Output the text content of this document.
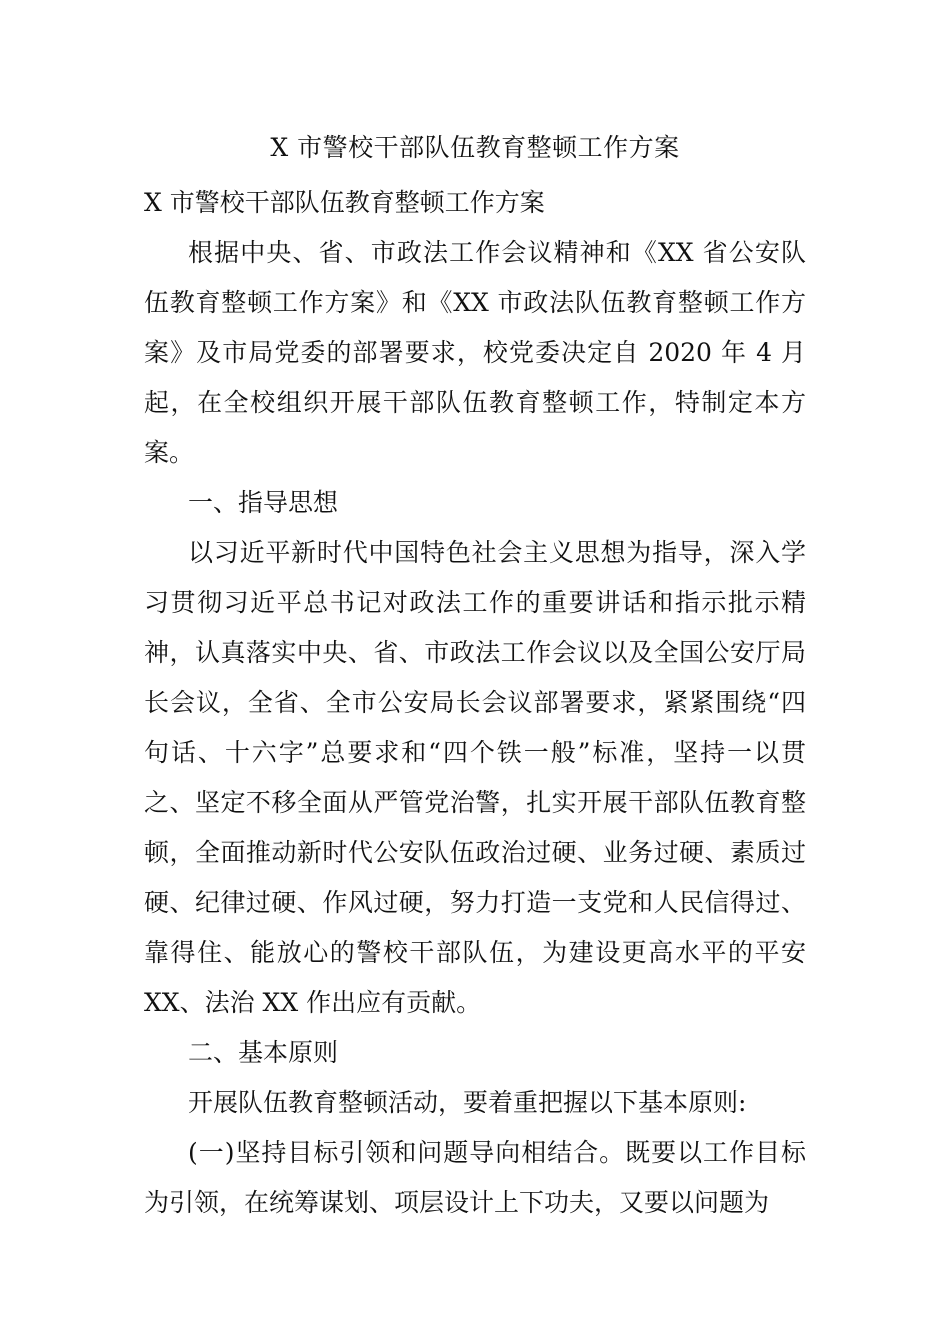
X 市警校干部队伍教育整顿工作方案

X 市警校干部队伍教育整顿工作方案

根据中央、省、市政法工作会议精神和《XX 省公安队伍教育整顿工作方案》和《XX 市政法队伍教育整顿工作方案》及市局党委的部署要求，校党委决定自 2020 年 4 月起，在全校组织开展干部队伍教育整顿工作，特制定本方案。

一、指导思想

以习近平新时代中国特色社会主义思想为指导，深入学习贯彻习近平总书记对政法工作的重要讲话和指示批示精神，认真落实中央、省、市政法工作会议以及全国公安厅局长会议，全省、全市公安局长会议部署要求，紧紧围绕“四句话、十六字”总要求和“四个铁一般”标准，坚持一以贯之、坚定不移全面从严管党治警，扎实开展干部队伍教育整顿，全面推动新时代公安队伍政治过硬、业务过硬、素质过硬、纪律过硬、作风过硬，努力打造一支党和人民信得过、靠得住、能放心的警校干部队伍，为建设更高水平的平安 XX、法治 XX 作出应有贡献。

二、基本原则

开展队伍教育整顿活动，要着重把握以下基本原则:

(一)坚持目标引领和问题导向相结合。既要以工作目标为引领，在统筹谋划、项层设计上下功夫，又要以问题为
